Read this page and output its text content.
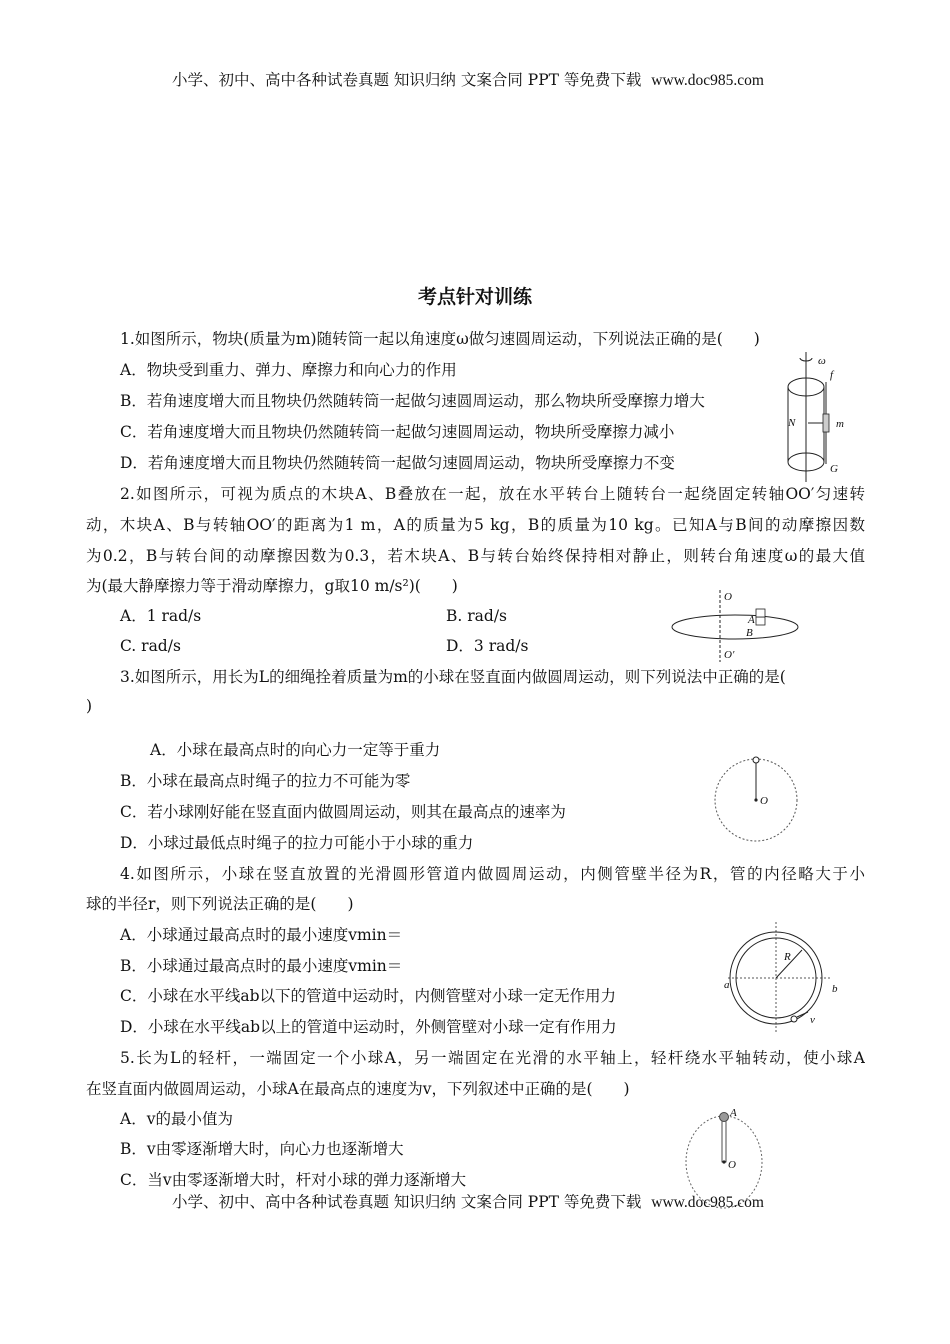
小学、初中、高中各种试卷真题 知识归纳 文案合同 PPT 等免费下载 www.doc985.com
考点针对训练
1.如图所示，物块(质量为m)随转筒一起以角速度ω做匀速圆周运动，下列说法正确的是(　　)
A．物块受到重力、弹力、摩擦力和向心力的作用
B．若角速度增大而且物块仍然随转筒一起做匀速圆周运动，那么物块所受摩擦力增大
C．若角速度增大而且物块仍然随转筒一起做匀速圆周运动，物块所受摩擦力减小
D．若角速度增大而且物块仍然随转筒一起做匀速圆周运动，物块所受摩擦力不变
ω
f
N	m
G
2.如图所示，可视为质点的木块A、B叠放在一起，放在水平转台上随转台一起绕固定转轴OO′匀速转
动，木块A、B与转轴OO′的距离为1 m，A的质量为5 kg，B的质量为10 kg。已知A与B间的动摩擦因数
为0.2，B与转台间的动摩擦因数为0.3，若木块A、B与转台始终保持相对静止，则转台角速度ω的最大值
为(最大静摩擦力等于滑动摩擦力，g取10 m/s²)(　　)
A．1 rad/s	B. rad/s
C. rad/s	D．3 rad/s
O
A
B
O′
3.如图所示，用长为L的细绳拴着质量为m的小球在竖直面内做圆周运动，则下列说法中正确的是(
)
A．小球在最高点时的向心力一定等于重力
B．小球在最高点时绳子的拉力不可能为零
C．若小球刚好能在竖直面内做圆周运动，则其在最高点的速率为
D．小球过最低点时绳子的拉力可能小于小球的重力
O
4.如图所示，小球在竖直放置的光滑圆形管道内做圆周运动，内侧管壁半径为R，管的内径略大于小
球的半径r，则下列说法正确的是(　　)
A．小球通过最高点时的最小速度vmin＝
B．小球通过最高点时的最小速度vmin＝
C．小球在水平线ab以下的管道中运动时，内侧管壁对小球一定无作用力
D．小球在水平线ab以上的管道中运动时，外侧管壁对小球一定有作用力
R
a	b
v
5.长为L的轻杆，一端固定一个小球A，另一端固定在光滑的水平轴上，轻杆绕水平轴转动，使小球A
在竖直面内做圆周运动，小球A在最高点的速度为v，下列叙述中正确的是(　　)
A．v的最小值为
B．v由零逐渐增大时，向心力也逐渐增大
C．当v由零逐渐增大时，杆对小球的弹力逐渐增大
A
O
小学、初中、高中各种试卷真题 知识归纳 文案合同 PPT 等免费下载 www.doc985.com
